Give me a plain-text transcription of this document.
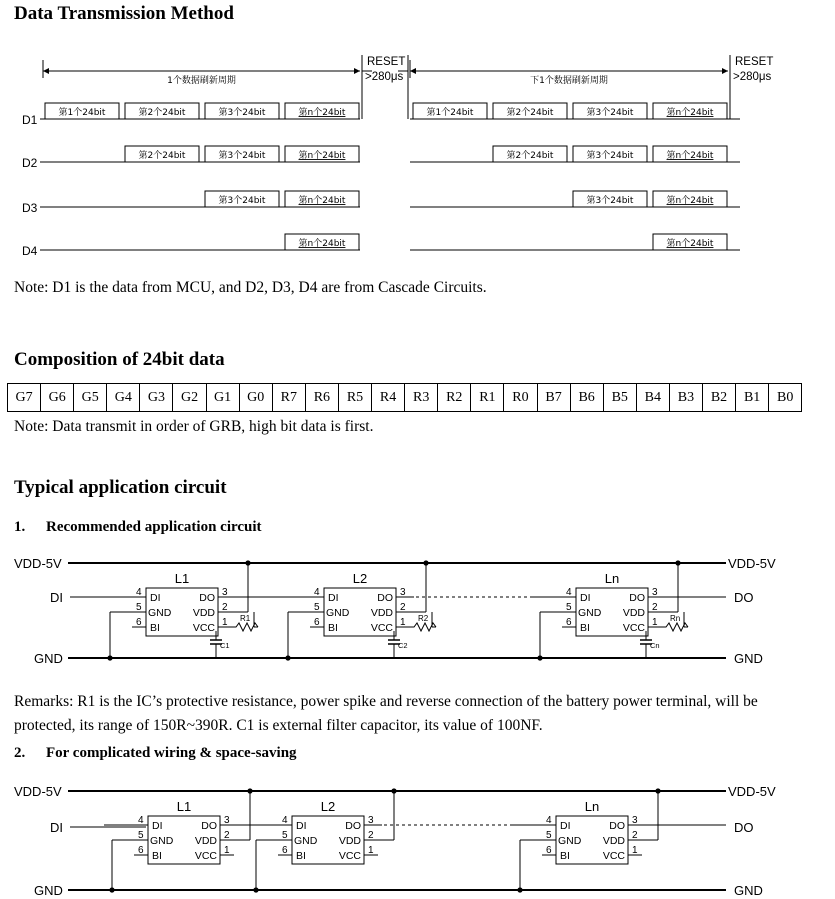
Data Transmission Method
D1
D2
D3
D4
1个数据刷新周期	下1个数据刷新周期
RESET
>280μs
RESET
>280μs
第1个24bit	第1个24bit
第2个24bit	第2个24bit
第3个24bit	第3个24bit
第n个24bit	第n个24bit
第2个24bit	第2个24bit
第3个24bit	第3个24bit
第n个24bit	第n个24bit
第3个24bit	第3个24bit
第n个24bit	第n个24bit
第n个24bit	第n个24bit
Note: D1 is the data from MCU, and D2, D3, D4 are from Cascade Circuits.
Composition of 24bit data
G7	G6	G5	G4	G3	G2	G1	G0	R7	R6	R5	R4	R3	R2	R1	R0	B7	B6	B5	B4	B3	B2	B1	B0
Note: Data transmit in order of GRB, high bit data is first.
Typical application circuit
1. Recommended application circuit
VDD-5V	VDD-5V
DI	DO
GND	GND
L1
DI
GND
BI
DO
VDD
VCC
4	3
5	2
6	1 R1
C1
L2
DI
GND
BI
DO
VDD
VCC
4	3
5	2
6	1 R2
C2
Ln
DI
GND
BI
DO
VDD
VCC
4	3
5	2
6	1 Rn
Cn
Remarks: R1 is the IC’s protective resistance, power spike and reverse connection of the battery power terminal, will be protected, its range of 150R~390R. C1 is external filter capacitor, its value of 100NF.
2. For complicated wiring & space-saving
VDD-5V	VDD-5V
DI	DO
GND	GND
L1
DI
GND
BI
DO
VDD
VCC
4	3
5	2
6	1
L2
DI
GND
BI
DO
VDD
VCC
4	3
5	2
6	1
Ln
DI
GND
BI
DO
VDD
VCC
4	3
5	2
6	1
